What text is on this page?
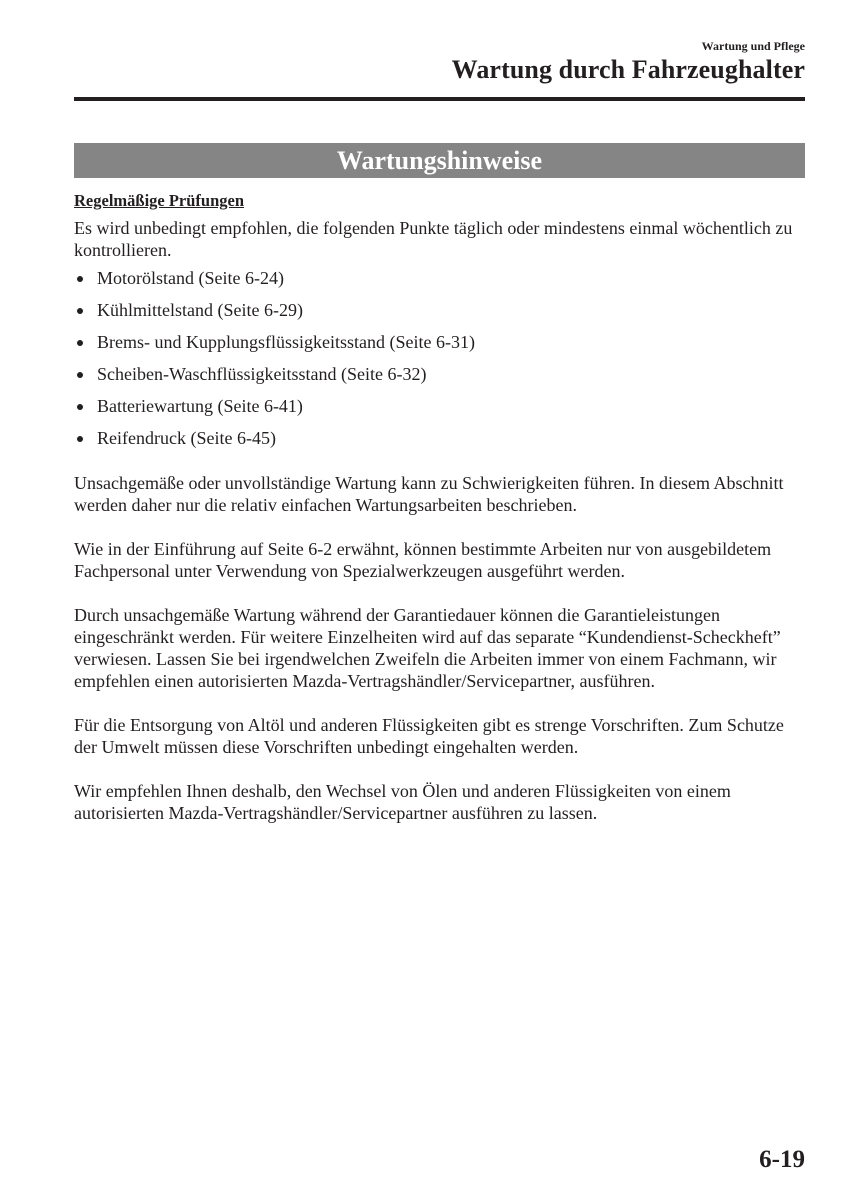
Wartung und Pflege
Wartung durch Fahrzeughalter
Wartungshinweise
Regelmäßige Prüfungen

Es wird unbedingt empfohlen, die folgenden Punkte täglich oder mindestens einmal wöchentlich zu kontrollieren.

Motorölstand (Seite 6-24)
Kühlmittelstand (Seite 6-29)
Brems- und Kupplungsflüssigkeitsstand (Seite 6-31)
Scheiben-Waschflüssigkeitsstand (Seite 6-32)
Batteriewartung (Seite 6-41)
Reifendruck (Seite 6-45)

Unsachgemäße oder unvollständige Wartung kann zu Schwierigkeiten führen. In diesem Abschnitt werden daher nur die relativ einfachen Wartungsarbeiten beschrieben.

Wie in der Einführung auf Seite 6-2 erwähnt, können bestimmte Arbeiten nur von ausgebildetem Fachpersonal unter Verwendung von Spezialwerkzeugen ausgeführt werden.

Durch unsachgemäße Wartung während der Garantiedauer können die Garantieleistungen eingeschränkt werden. Für weitere Einzelheiten wird auf das separate “Kundendienst-Scheckheft” verwiesen. Lassen Sie bei irgendwelchen Zweifeln die Arbeiten immer von einem Fachmann, wir empfehlen einen autorisierten Mazda-Vertragshändler/Servicepartner, ausführen.

Für die Entsorgung von Altöl und anderen Flüssigkeiten gibt es strenge Vorschriften. Zum Schutze der Umwelt müssen diese Vorschriften unbedingt eingehalten werden.

Wir empfehlen Ihnen deshalb, den Wechsel von Ölen und anderen Flüssigkeiten von einem autorisierten Mazda-Vertragshändler/Servicepartner ausführen zu lassen.

6-19
